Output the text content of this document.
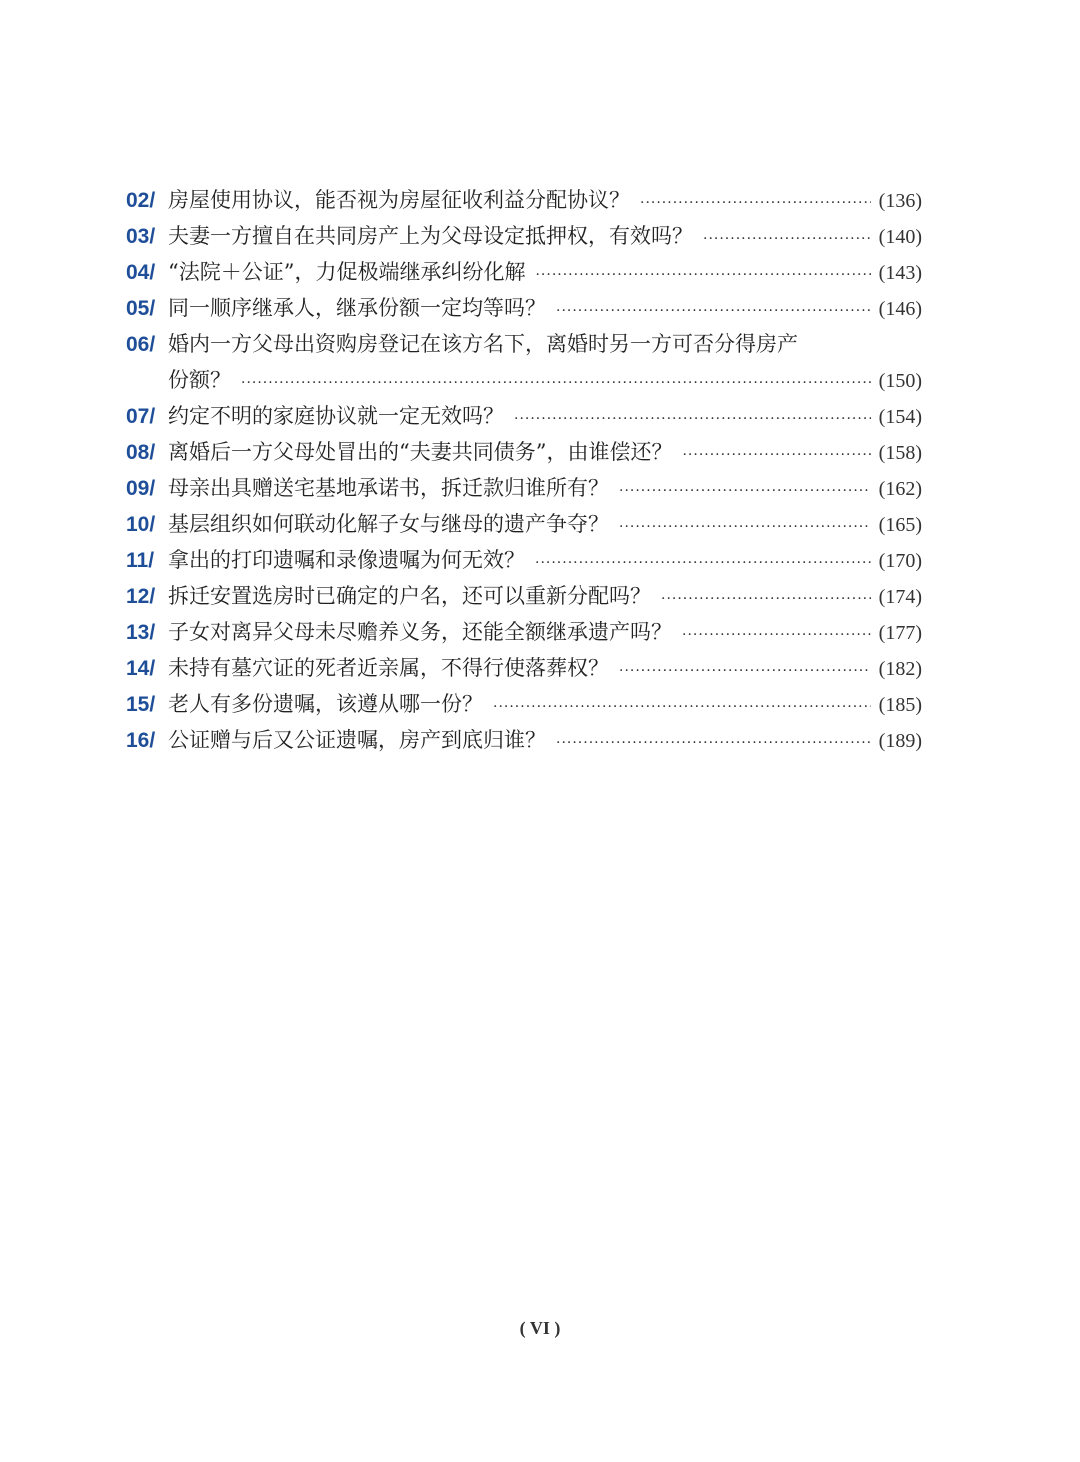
02/ 房屋使用协议，能否视为房屋征收利益分配协议？ ·····	(136)
03/ 夫妻一方擅自在共同房产上为父母设定抵押权，有效吗？ ·····	(140)
04/ “法院＋公证”，力促极端继承纠纷化解 ·····	(143)
05/ 同一顺序继承人，继承份额一定均等吗？ ·····	(146)
06/ 婚内一方父母出资购房登记在该方名下，离婚时另一方可否分得房产
份额？ ·····	(150)
07/ 约定不明的家庭协议就一定无效吗？ ·····	(154)
08/ 离婚后一方父母处冒出的“夫妻共同债务”，由谁偿还？ ·····	(158)
09/ 母亲出具赠送宅基地承诺书，拆迁款归谁所有？ ·····	(162)
10/ 基层组织如何联动化解子女与继母的遗产争夺？ ·····	(165)
11/ 拿出的打印遗嘱和录像遗嘱为何无效？ ·····	(170)
12/ 拆迁安置选房时已确定的户名，还可以重新分配吗？ ·····	(174)
13/ 子女对离异父母未尽赡养义务，还能全额继承遗产吗？ ·····	(177)
14/ 未持有墓穴证的死者近亲属，不得行使落葬权？ ·····	(182)
15/ 老人有多份遗嘱，该遵从哪一份？ ·····	(185)
16/ 公证赠与后又公证遗嘱，房产到底归谁？ ·····	(189)
( VI )
